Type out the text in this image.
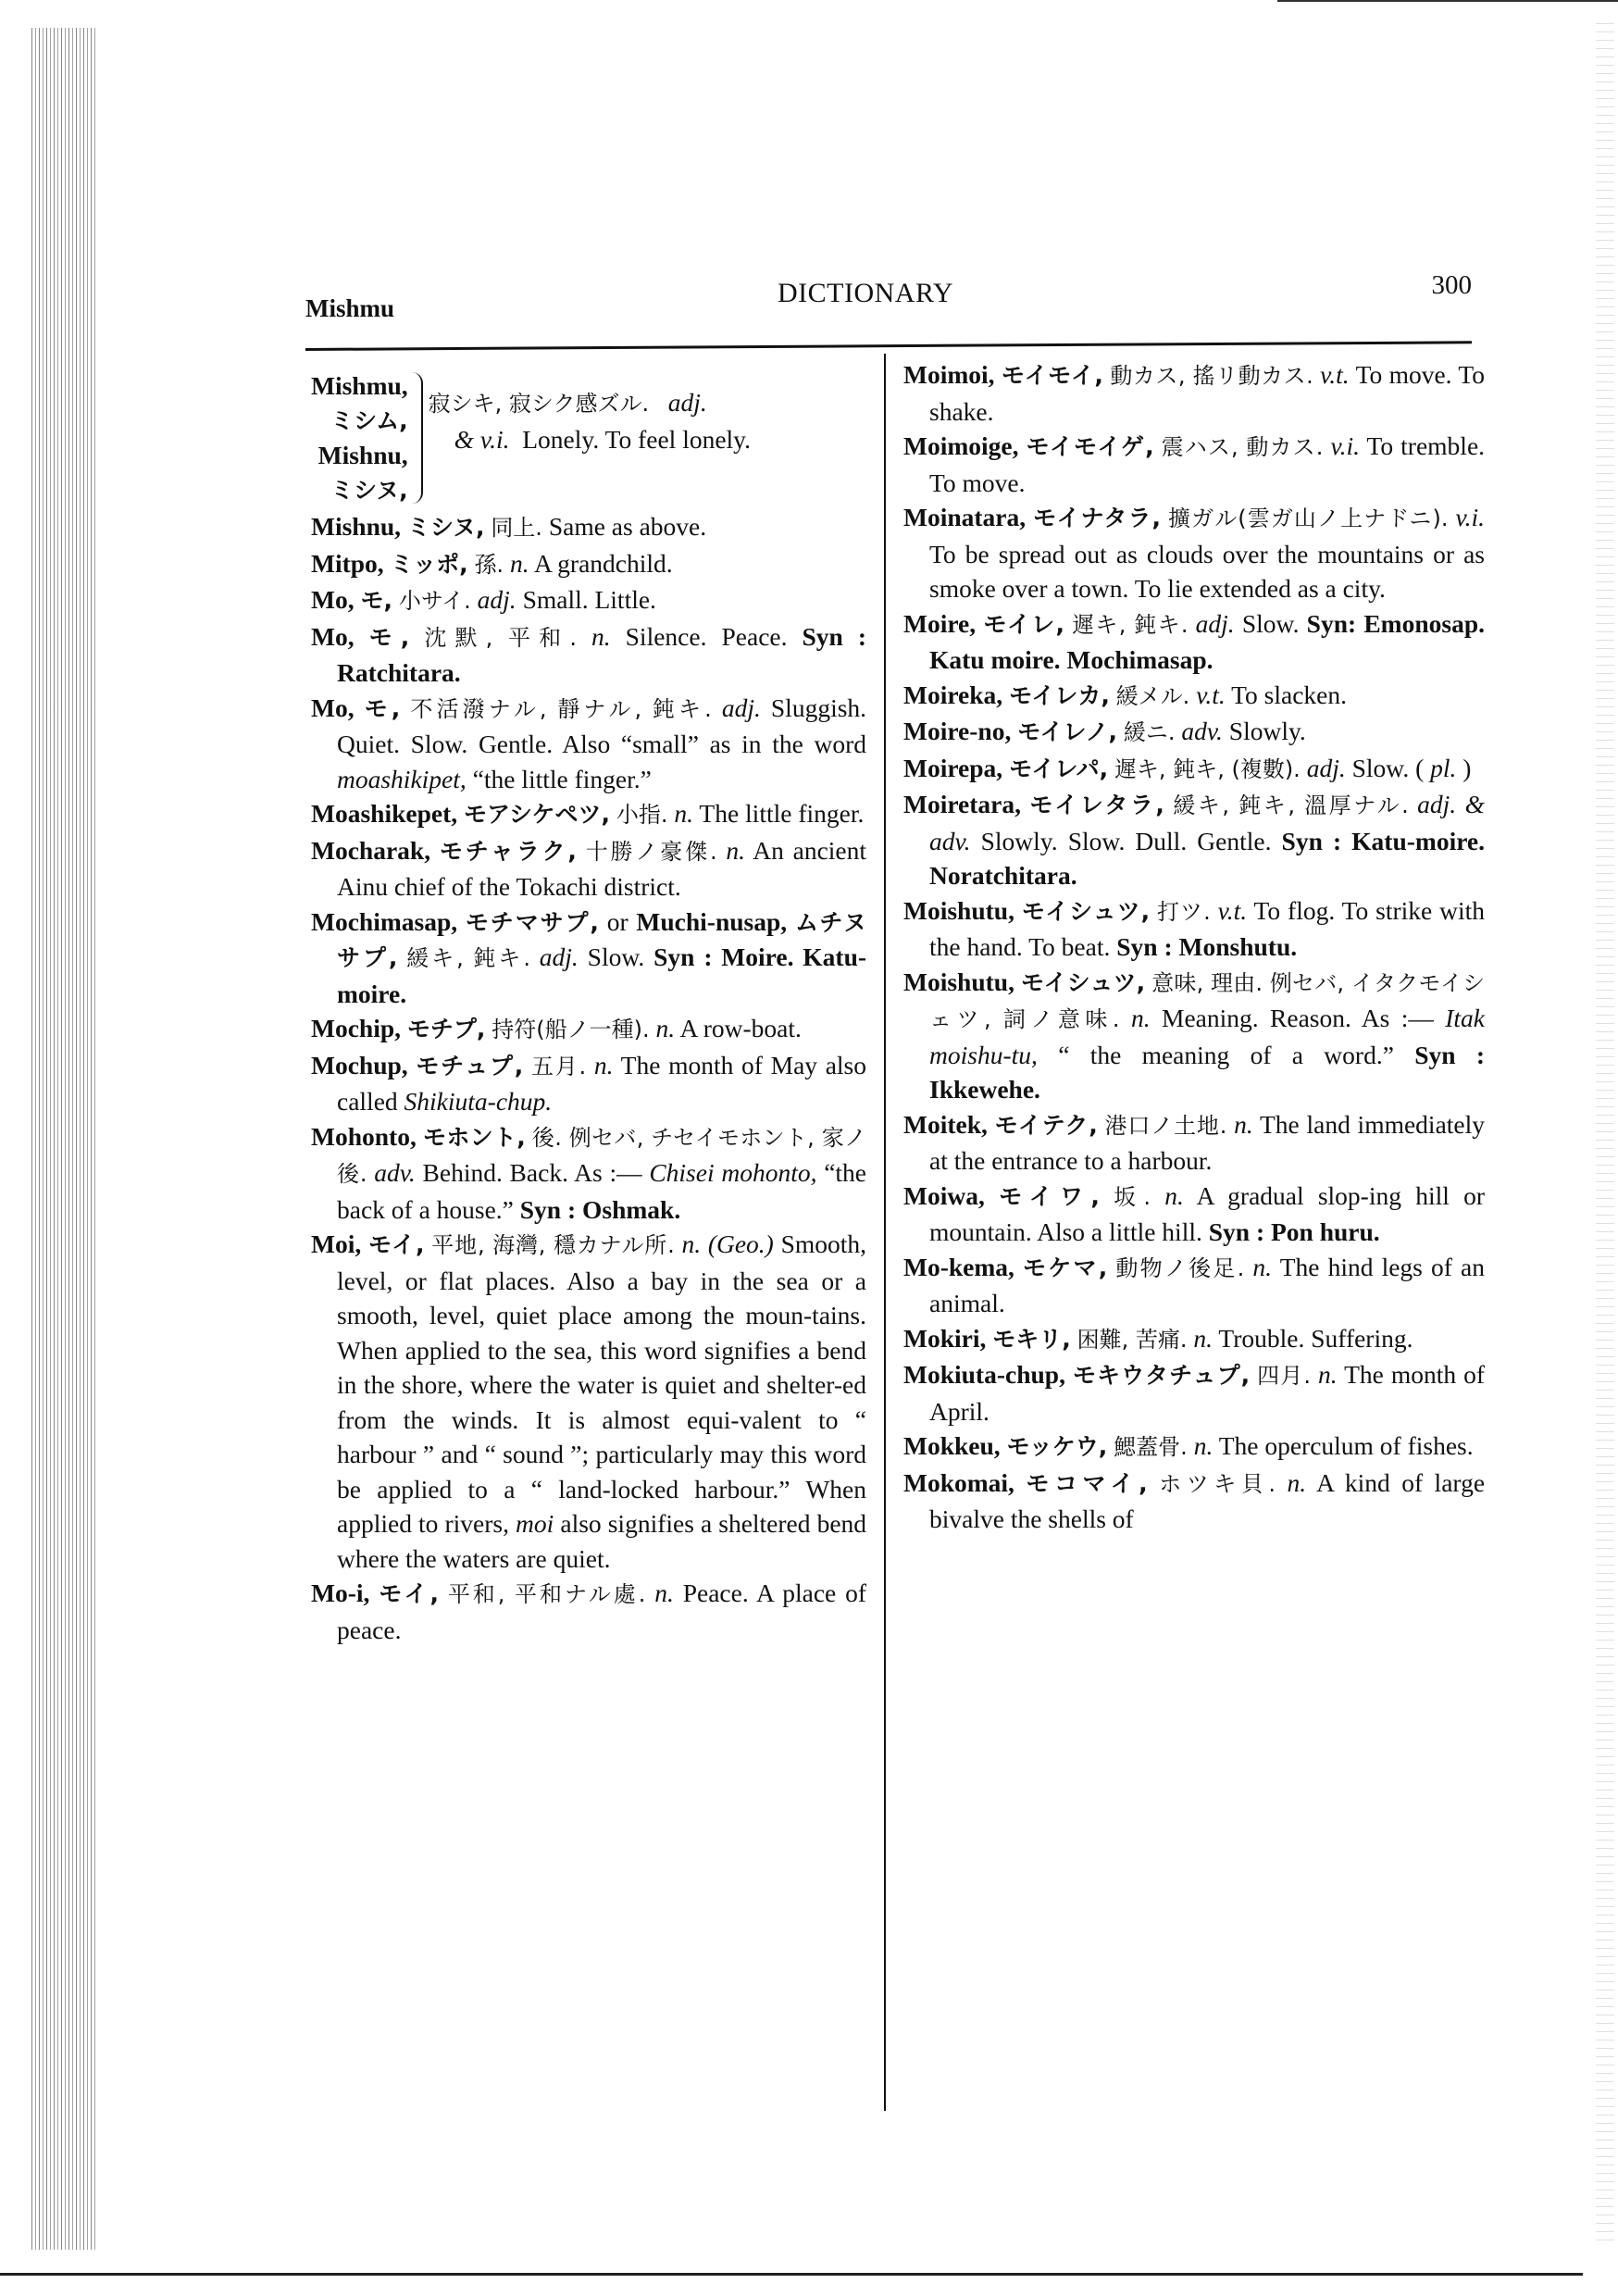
Mishmu	DICTIONARY	300
Mishmu,
ミシム,
Mishnu,
ミシヌ,
寂シキ, 寂シク感ズル. adj.
& v.i. Lonely. To feel lonely.

Mishnu, ミシヌ, 同上. Same as above.

Mitpo, ミッポ, 孫. n. A grandchild.

Mo, モ, 小サイ. adj. Small. Little.

Mo, モ, 沈默, 平和. n. Silence. Peace. Syn : Ratchitara.

Mo, モ, 不活潑ナル, 靜ナル, 鈍キ. adj. Sluggish. Quiet. Slow. Gentle. Also “small” as in the word moashikipet, “the little finger.”

Moashikepet, モアシケペツ, 小指. n. The little finger.

Mocharak, モチャラク, 十勝ノ豪傑. n. An ancient Ainu chief of the Tokachi district.

Mochimasap, モチマサプ, or Muchi-nusap, ムチヌサプ, 緩キ, 鈍キ. adj. Slow. Syn : Moire. Katu-moire.

Mochip, モチプ, 持符(船ノ一種). n. A row-boat.

Mochup, モチュプ, 五月. n. The month of May also called Shikiuta-chup.

Mohonto, モホント, 後. 例セバ, チセイモホント, 家ノ後. adv. Behind. Back. As :— Chisei mohonto, “the back of a house.” Syn : Oshmak.

Moi, モイ, 平地, 海灣, 穩カナル所. n. (Geo.) Smooth, level, or flat places. Also a bay in the sea or a smooth, level, quiet place among the moun-tains. When applied to the sea, this word signifies a bend in the shore, where the water is quiet and shelter-ed from the winds. It is almost equi-valent to “ harbour ” and “ sound ”; particularly may this word be applied to a “ land-locked harbour.” When applied to rivers, moi also signifies a sheltered bend where the waters are quiet.

Mo-i, モイ, 平和, 平和ナル處. n. Peace. A place of peace.

Moimoi, モイモイ, 動カス, 搖リ動カス. v.t. To move. To shake.

Moimoige, モイモイゲ, 震ハス, 動カス. v.i. To tremble. To move.

Moinatara, モイナタラ, 擴ガル(雲ガ山ノ上ナドニ). v.i. To be spread out as clouds over the mountains or as smoke over a town. To lie extended as a city.

Moire, モイレ, 遲キ, 鈍キ. adj. Slow. Syn: Emonosap. Katu moire. Mochimasap.

Moireka, モイレカ, 緩メル. v.t. To slacken.

Moire-no, モイレノ, 緩ニ. adv. Slowly.

Moirepa, モイレパ, 遲キ, 鈍キ, (複數). adj. Slow. ( pl. )

Moiretara, モイレタラ, 緩キ, 鈍キ, 溫厚ナル. adj. & adv. Slowly. Slow. Dull. Gentle. Syn : Katu-moire. Noratchitara.

Moishutu, モイシュツ, 打ツ. v.t. To flog. To strike with the hand. To beat. Syn : Monshutu.

Moishutu, モイシュツ, 意味, 理由. 例セバ, イタクモイシェツ, 詞ノ意味. n. Meaning. Reason. As :— Itak moishu-tu, “ the meaning of a word.” Syn : Ikkewehe.

Moitek, モイテク, 港口ノ土地. n. The land immediately at the entrance to a harbour.

Moiwa, モイワ, 坂. n. A gradual slop-ing hill or mountain. Also a little hill. Syn : Pon huru.

Mo-kema, モケマ, 動物ノ後足. n. The hind legs of an animal.

Mokiri, モキリ, 困難, 苦痛. n. Trouble. Suffering.

Mokiuta-chup, モキウタチュプ, 四月. n. The month of April.

Mokkeu, モッケウ, 鰓蓋骨. n. The operculum of fishes.

Mokomai, モコマイ, ホツキ貝. n. A kind of large bivalve the shells of
